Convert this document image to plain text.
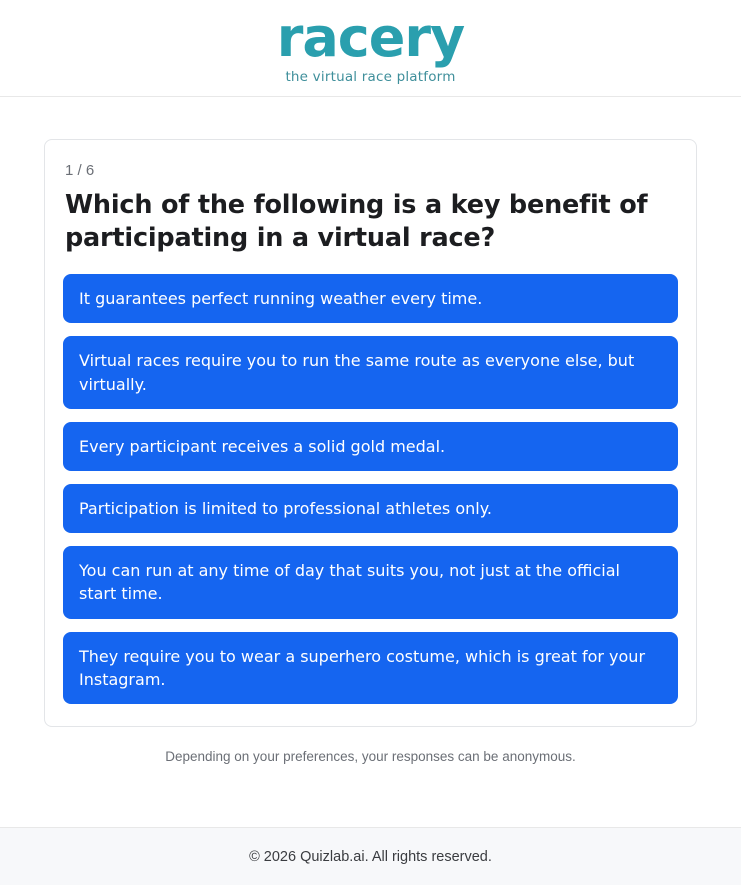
racery
the virtual race platform
1 / 6
Which of the following is a key benefit of participating in a virtual race?
It guarantees perfect running weather every time.
Virtual races require you to run the same route as everyone else, but virtually.
Every participant receives a solid gold medal.
Participation is limited to professional athletes only.
You can run at any time of day that suits you, not just at the official start time.
They require you to wear a superhero costume, which is great for your Instagram.
Depending on your preferences, your responses can be anonymous.
© 2026 Quizlab.ai. All rights reserved.
